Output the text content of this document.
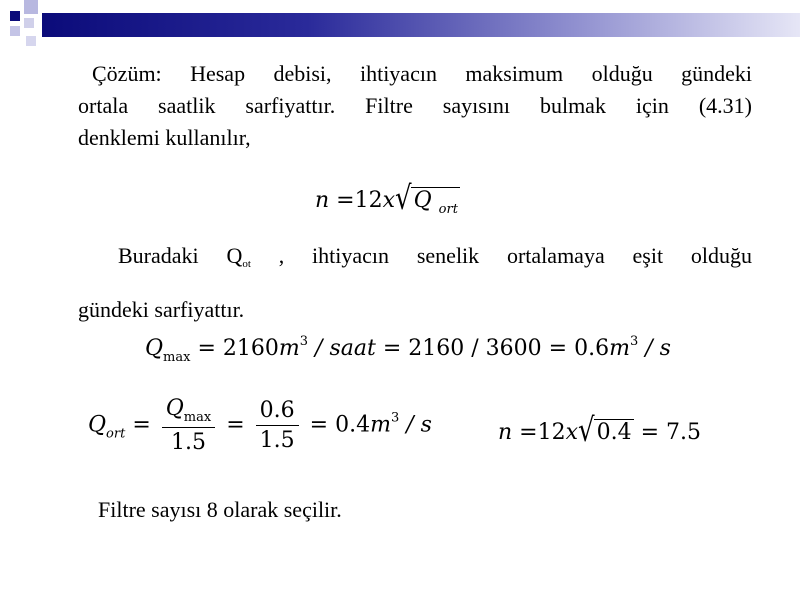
Çözüm: Hesap debisi, ihtiyacın maksimum olduğu gündeki
ortala saatlik sarfiyattır. Filtre sayısını bulmak için (4.31)
denklemi kullanılır,
n =12x√Q $_{ort}$
Buradaki Qot , ihtiyacın senelik ortalamaya eşit olduğu
gündeki sarfiyattır.
$Q_{max} = 2160m^3$ / saat = $2160 / 3600 = 0.6m^3 / s$
$Q_{ort} = \frac{Q_{max}}{1.5} = \frac{0.6}{1.5} = 0.4m^3 / s$	n =12x√0.4 = 7.5
Filtre sayısı 8 olarak seçilir.
